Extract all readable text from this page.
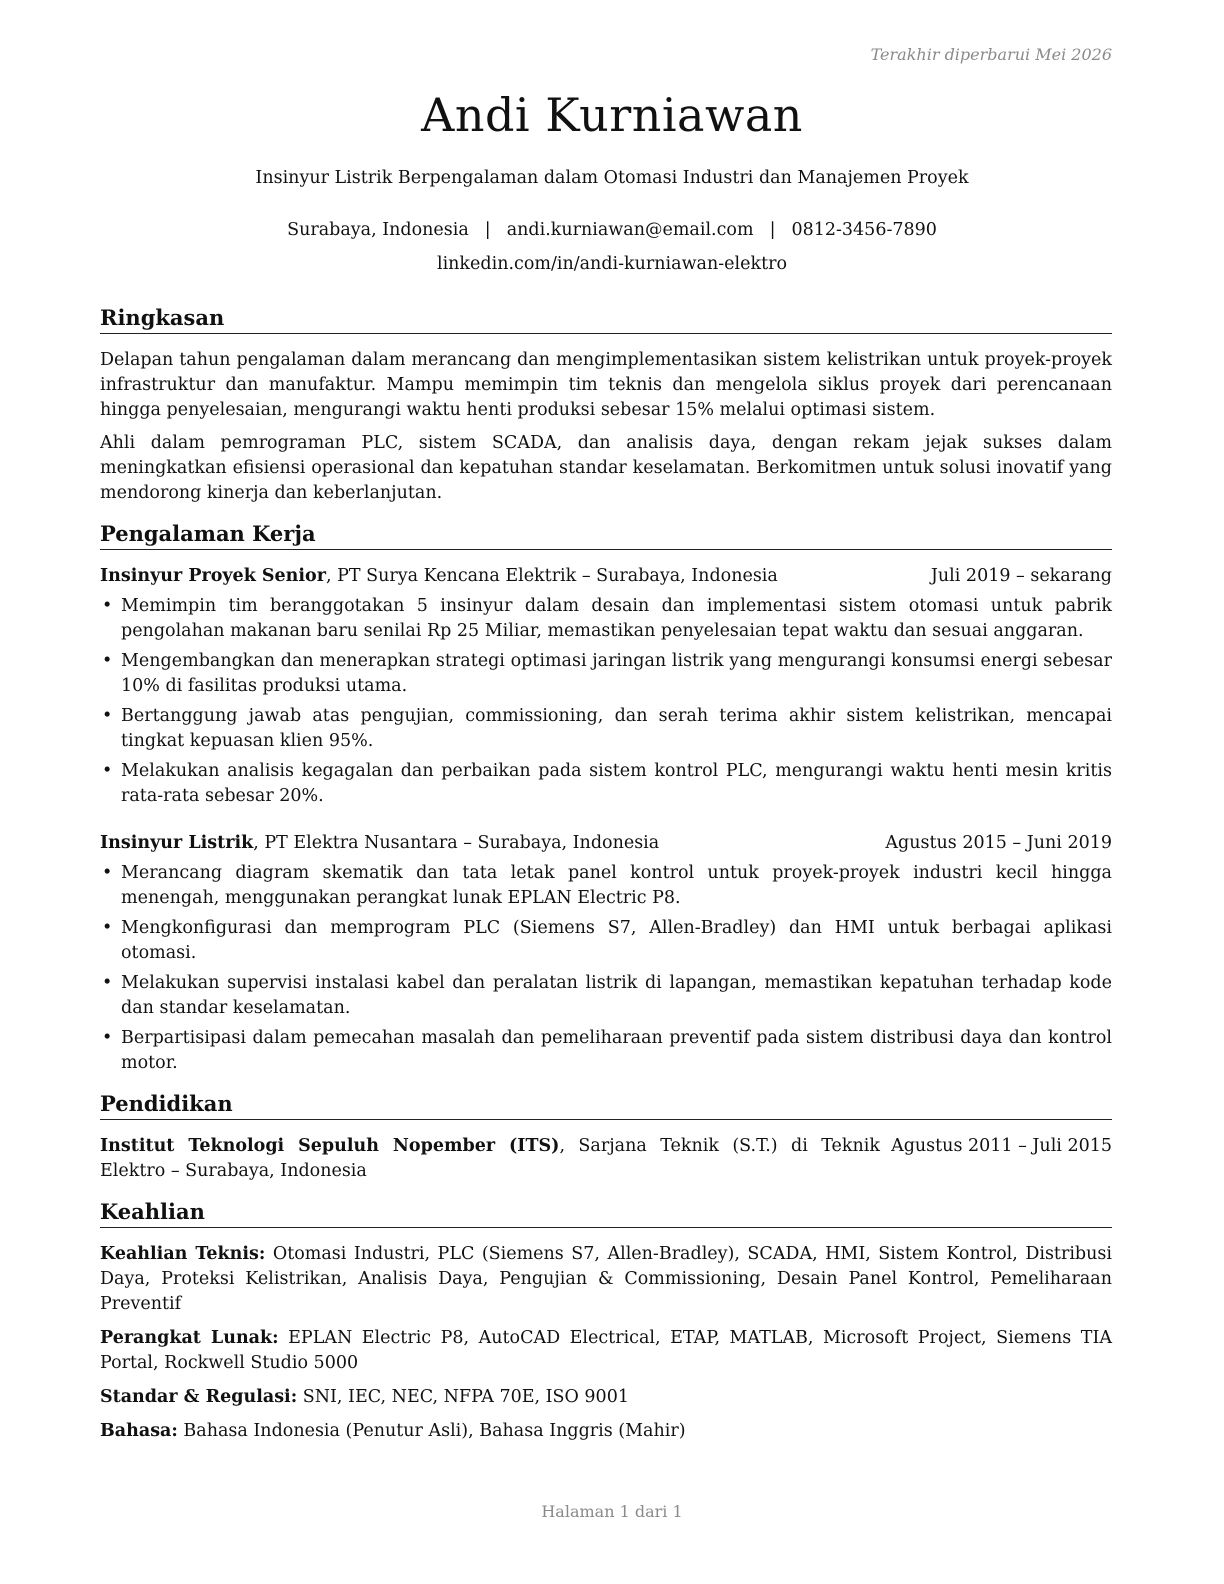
Terakhir diperbarui Mei 2026
Andi Kurniawan
Insinyur Listrik Berpengalaman dalam Otomasi Industri dan Manajemen Proyek
Surabaya, Indonesia | andi.kurniawan@email.com | 0812-3456-7890
linkedin.com/in/andi-kurniawan-elektro
Ringkasan

Delapan tahun pengalaman dalam merancang dan mengimplementasikan sistem kelistrikan untuk proyek-proyek infrastruktur dan manufaktur. Mampu memimpin tim teknis dan mengelola siklus proyek dari perencanaan hingga penyelesaian, mengurangi waktu henti produksi sebesar 15% melalui optimasi sistem.

Ahli dalam pemrograman PLC, sistem SCADA, dan analisis daya, dengan rekam jejak sukses dalam meningkatkan efisiensi operasional dan kepatuhan standar keselamatan. Berkomitmen untuk solusi inovatif yang mendorong kinerja dan keberlanjutan.

Pengalaman Kerja
Insinyur Proyek Senior, PT Surya Kencana Elektrik – Surabaya, Indonesia	Juli 2019 – sekarang
• Memimpin tim beranggotakan 5 insinyur dalam desain dan implementasi sistem otomasi untuk pabrik pengolahan makanan baru senilai Rp 25 Miliar, memastikan penyelesaian tepat waktu dan sesuai anggaran.
• Mengembangkan dan menerapkan strategi optimasi jaringan listrik yang mengurangi konsumsi energi sebesar 10% di fasilitas produksi utama.
• Bertanggung jawab atas pengujian, commissioning, dan serah terima akhir sistem kelistrikan, mencapai tingkat kepuasan klien 95%.
• Melakukan analisis kegagalan dan perbaikan pada sistem kontrol PLC, mengurangi waktu henti mesin kritis rata-rata sebesar 20%.
Insinyur Listrik, PT Elektra Nusantara – Surabaya, Indonesia	Agustus 2015 – Juni 2019
• Merancang diagram skematik dan tata letak panel kontrol untuk proyek-proyek industri kecil hingga menengah, menggunakan perangkat lunak EPLAN Electric P8.
• Mengkonfigurasi dan memprogram PLC (Siemens S7, Allen-Bradley) dan HMI untuk berbagai aplikasi otomasi.
• Melakukan supervisi instalasi kabel dan peralatan listrik di lapangan, memastikan kepatuhan terhadap kode dan standar keselamatan.
• Berpartisipasi dalam pemecahan masalah dan pemeliharaan preventif pada sistem distribusi daya dan kontrol motor.
Pendidikan
Institut Teknologi Sepuluh Nopember (ITS), Sarjana Teknik (S.T.) di Teknik Elektro – Surabaya, Indonesia
Agustus 2011 – Juli 2015
Keahlian

Keahlian Teknis: Otomasi Industri, PLC (Siemens S7, Allen-Bradley), SCADA, HMI, Sistem Kontrol, Distribusi Daya, Proteksi Kelistrikan, Analisis Daya, Pengujian & Commissioning, Desain Panel Kontrol, Pemeliharaan Preventif

Perangkat Lunak: EPLAN Electric P8, AutoCAD Electrical, ETAP, MATLAB, Microsoft Project, Siemens TIA Portal, Rockwell Studio 5000

Standar & Regulasi: SNI, IEC, NEC, NFPA 70E, ISO 9001

Bahasa: Bahasa Indonesia (Penutur Asli), Bahasa Inggris (Mahir)

Halaman 1 dari 1
